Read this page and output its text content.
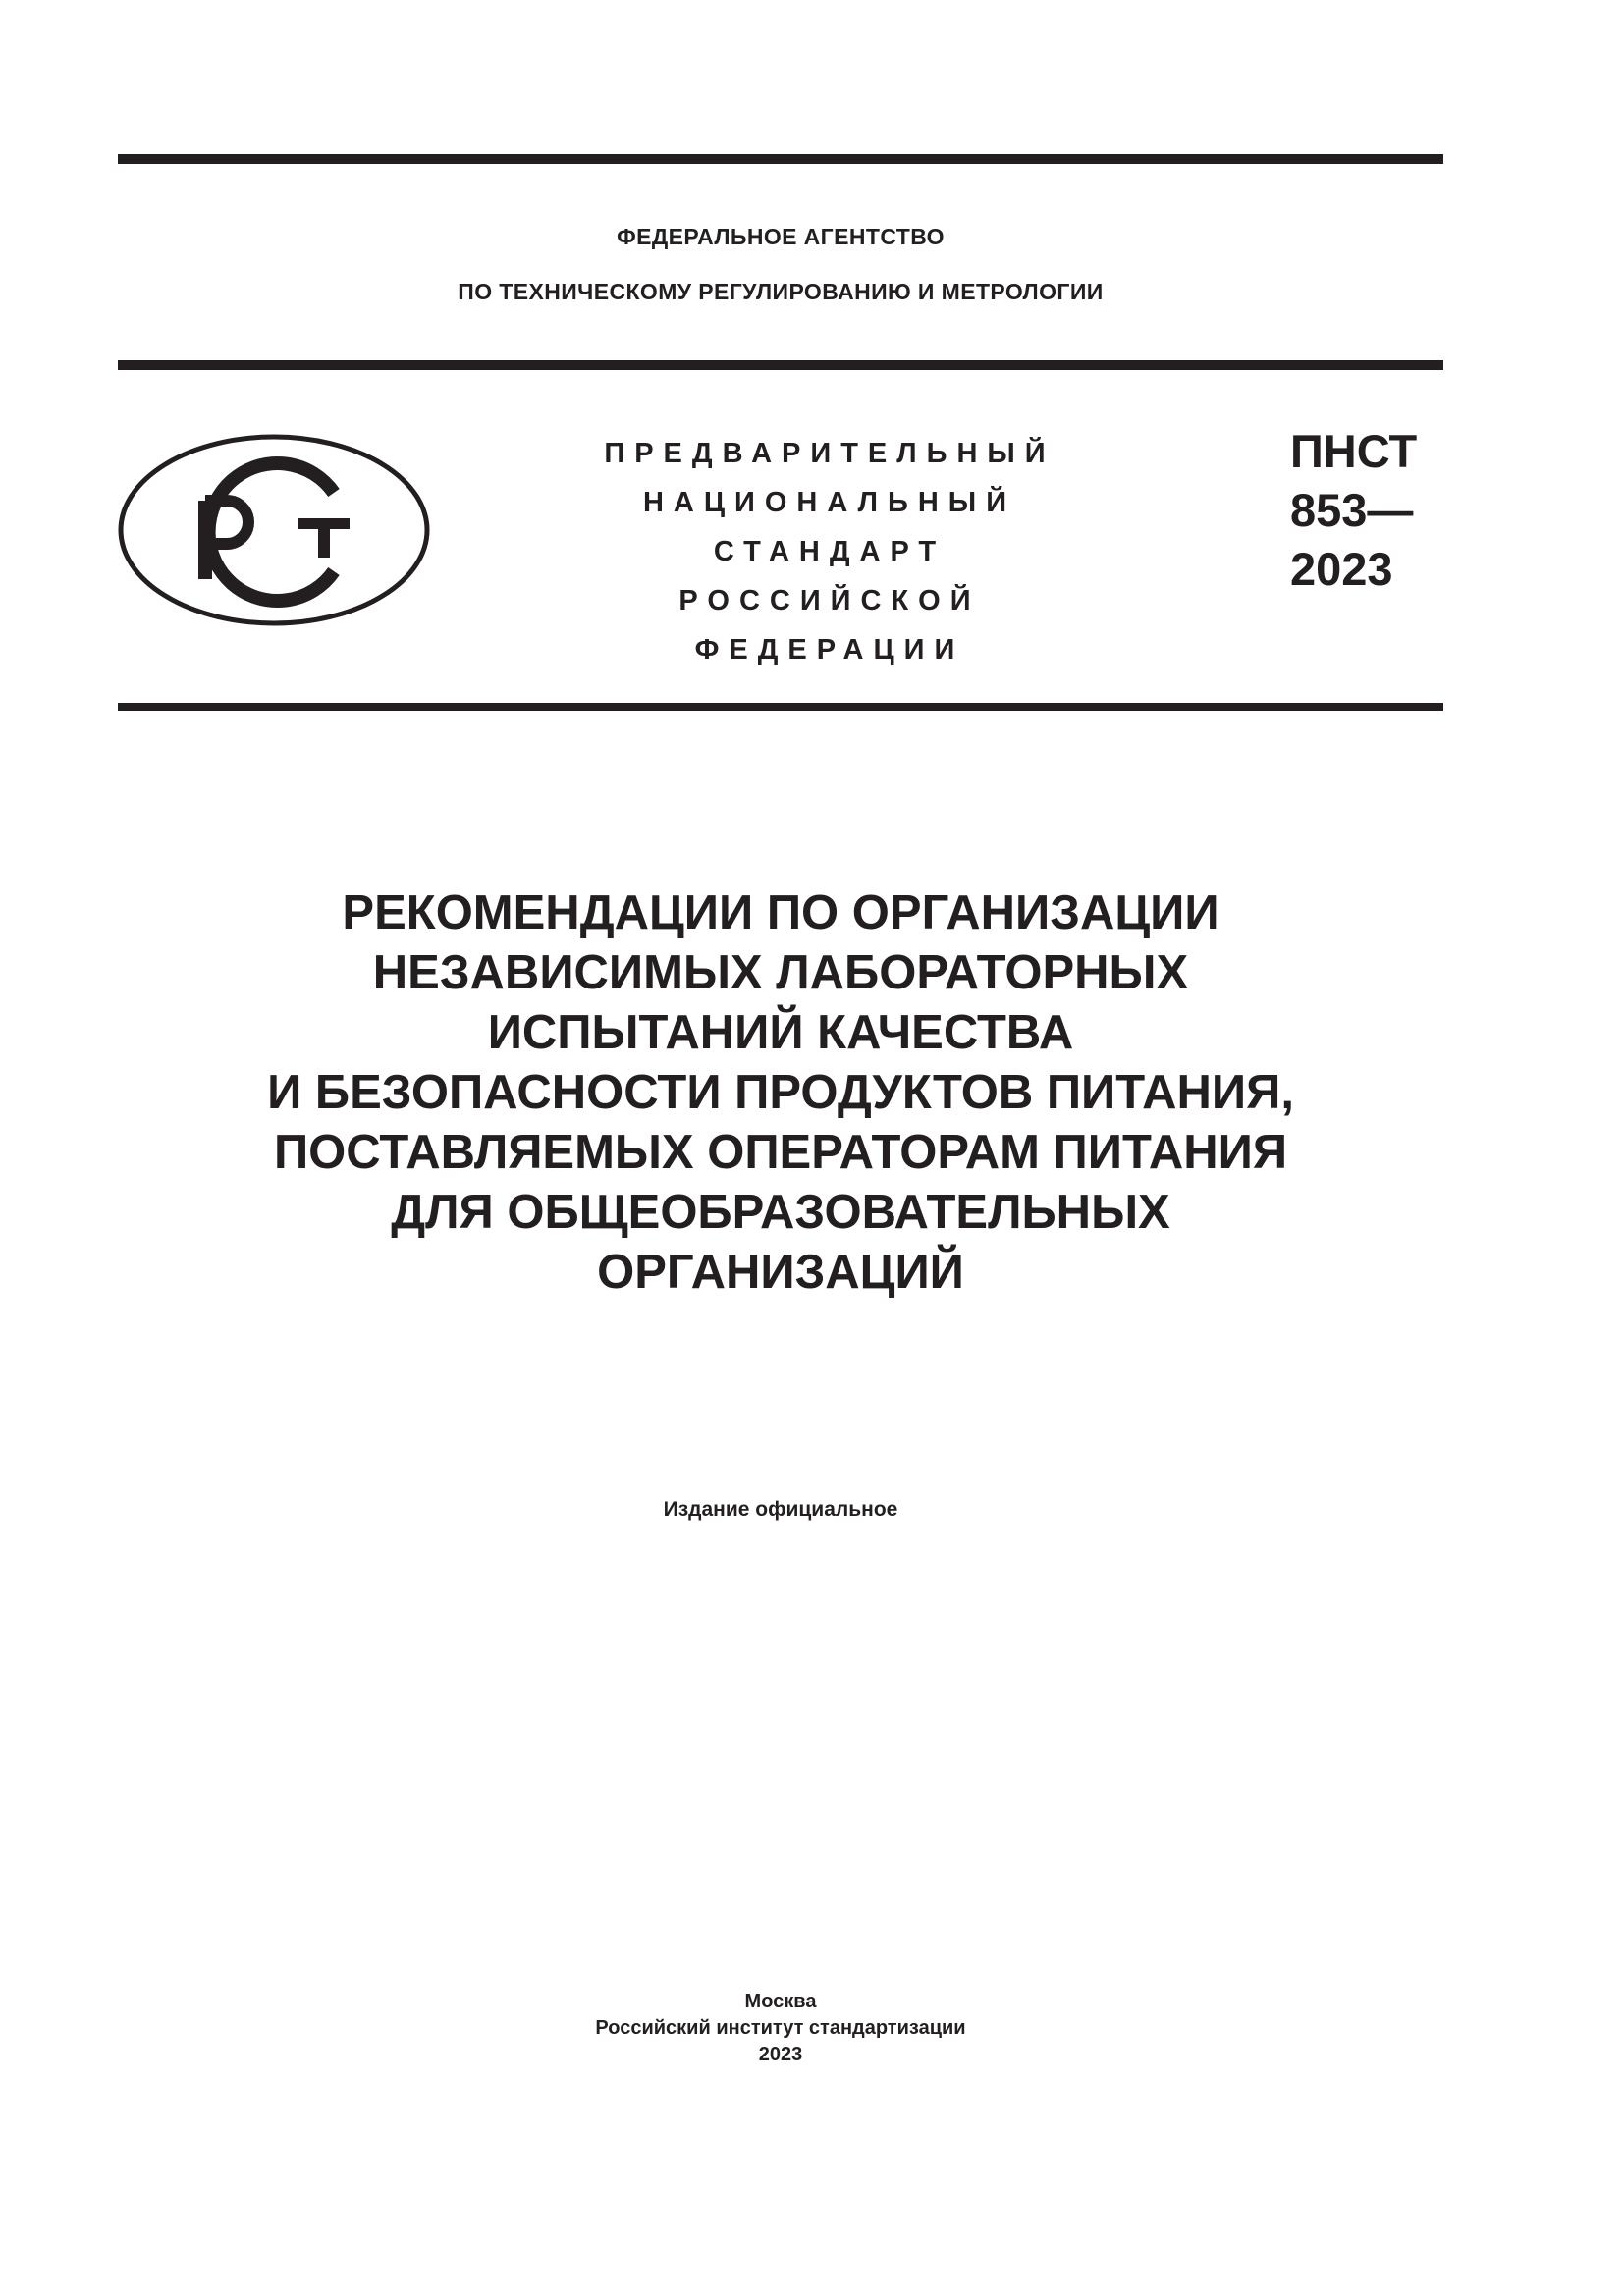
ФЕДЕРАЛЬНОЕ АГЕНТСТВО
ПО ТЕХНИЧЕСКОМУ РЕГУЛИРОВАНИЮ И МЕТРОЛОГИИ
ПРЕДВАРИТЕЛЬНЫЙ
НАЦИОНАЛЬНЫЙ
СТАНДАРТ
РОССИЙСКОЙ
ФЕДЕРАЦИИ
ПНСТ
853—
2023
РЕКОМЕНДАЦИИ ПО ОРГАНИЗАЦИИ
НЕЗАВИСИМЫХ ЛАБОРАТОРНЫХ
ИСПЫТАНИЙ КАЧЕСТВА
И БЕЗОПАСНОСТИ ПРОДУКТОВ ПИТАНИЯ,
ПОСТАВЛЯЕМЫХ ОПЕРАТОРАМ ПИТАНИЯ
ДЛЯ ОБЩЕОБРАЗОВАТЕЛЬНЫХ
ОРГАНИЗАЦИЙ
Издание официальное
Москва
Российский институт стандартизации
2023
